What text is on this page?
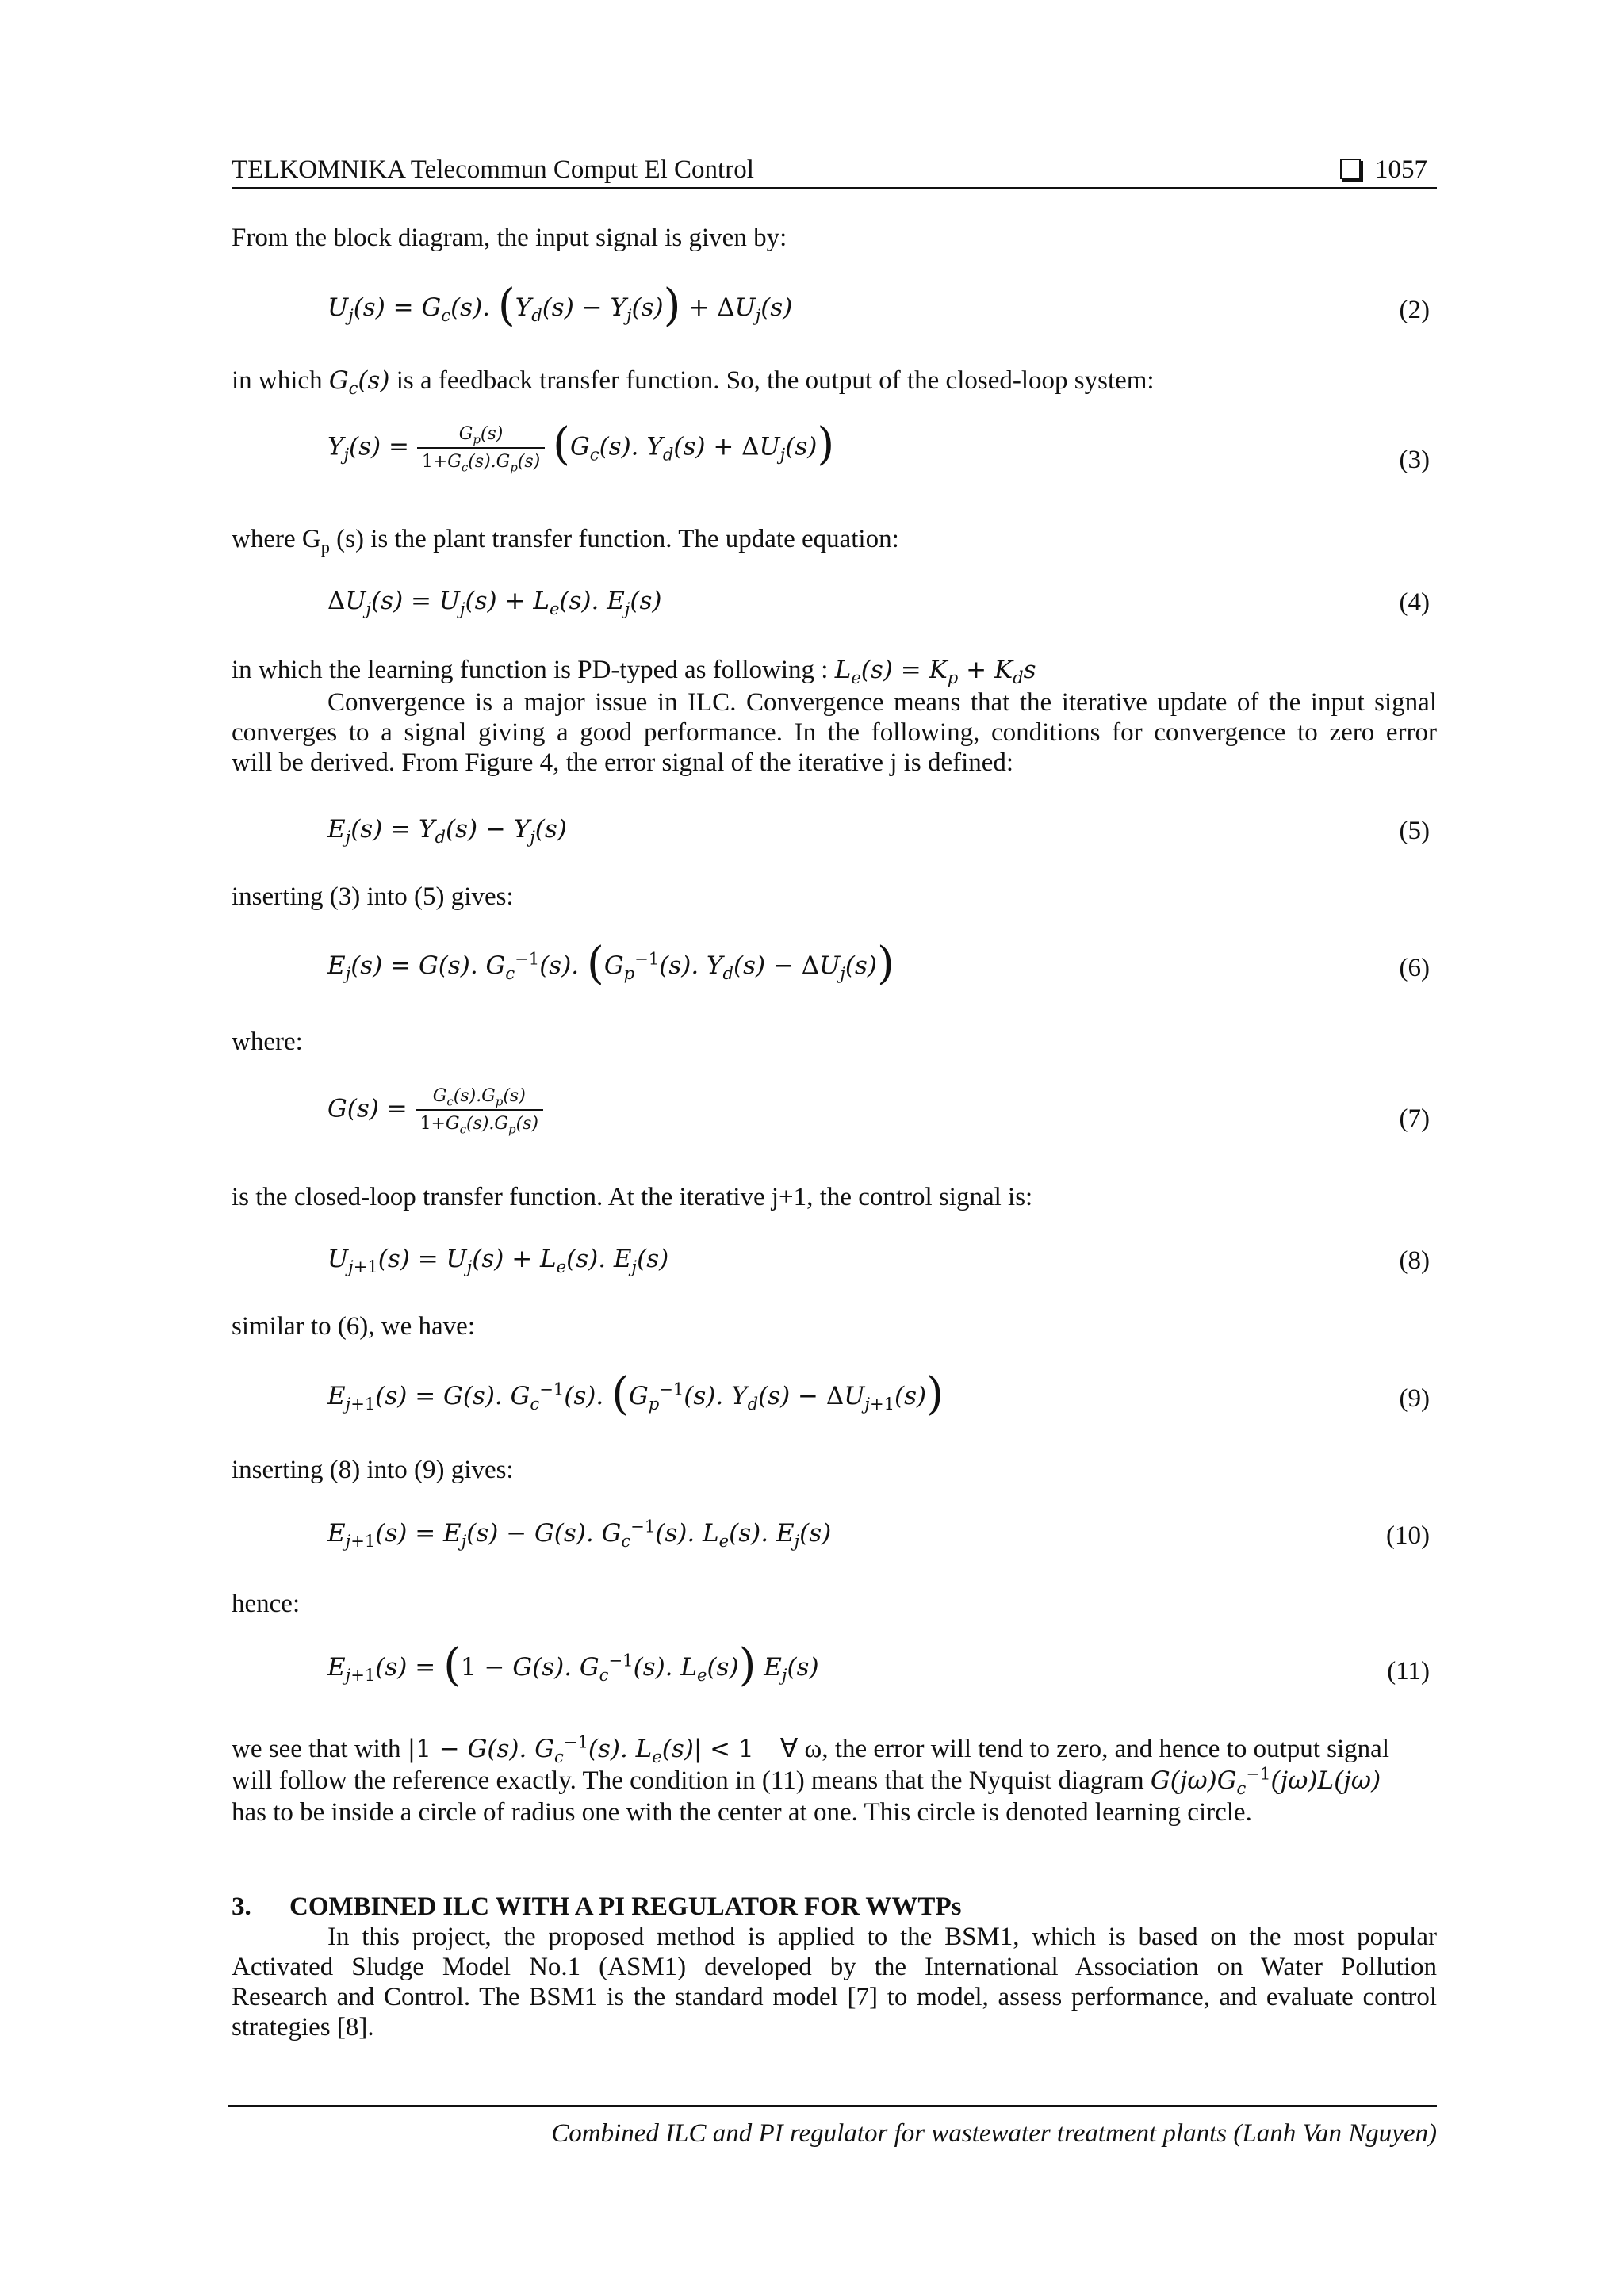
TELKOMNIKA Telecommun Comput El Control	1057
From the block diagram, the input signal is given by:
$U_j(s) = G_c(s)$. $(Y_d(s) - Y_j(s)) + \Delta U_j(s)$	(2)
in which $G_c(s)$ is a feedback transfer function. So, the output of the closed-loop system:
$Y_j(s) = \frac{G_p(s)}{1+G_c(s).G_p(s)} (G_c(s)$. $Y_d(s) + \Delta U_j(s)$)	(3)
where $G_p$ (s) is the plant transfer function. The update equation:
$\Delta U_j(s) = U_j(s) + L_e(s)$. $E_j(s)$	(4)
in which the learning function is PD-typed as following : $L_e(s) = K_p + K_ds$
Convergence is a major issue in ILC. Convergence means that the iterative update of the input signal
converges to a signal giving a good performance. In the following, conditions for convergence to zero error
will be derived. From Figure 4, the error signal of the iterative j is defined:
$E_j(s) = Y_d(s) - Y_j(s)$	(5)
inserting (3) into (5) gives:
$E_j(s) = G(s)$. $G_c^{-1}(s)$. ($G_p^{-1}(s)$. $Y_d(s) - \Delta U_j(s)$)	(6)
where:
$G(s) = \frac{G_c(s).G_p(s)}{1+G_c(s).G_p(s)}$	(7)
is the closed-loop transfer function. At the iterative j+1, the control signal is:
$U_{j+1}(s) = U_j(s) + L_e(s)$. $E_j(s)$	(8)
similar to (6), we have:
$E_{j+1}(s) = G(s)$. $G_c^{-1}(s)$. ($G_p^{-1}(s)$. $Y_d(s) - \Delta U_{j+1}(s)$)	(9)
inserting (8) into (9) gives:
$E_{j+1}(s) = E_j(s) - G(s)$. $G_c^{-1}(s)$. $L_e(s)$. $E_j(s)$	(10)
hence:
$E_{j+1}(s) = (1 - G(s)$. $G_c^{-1}(s)$. $L_e(s)$) $E_j(s)$	(11)
we see that with |1 − G(s). $G_c^{-1}(s)$. $L_e(s)| < 1$    ∀ ω, the error will tend to zero, and hence to output signal
will follow the reference exactly. The condition in (11) means that the Nyquist diagram $G(j\omega)G_c^{-1}(j\omega)L(j\omega)$
has to be inside a circle of radius one with the center at one. This circle is denoted learning circle.
3. COMBINED ILC WITH A PI REGULATOR FOR WWTPs
In this project, the proposed method is applied to the BSM1, which is based on the most popular
Activated Sludge Model No.1 (ASM1) developed by the International Association on Water Pollution
Research and Control. The BSM1 is the standard model [7] to model, assess performance, and evaluate control
strategies [8].
Combined ILC and PI regulator for wastewater treatment plants (Lanh Van Nguyen)
